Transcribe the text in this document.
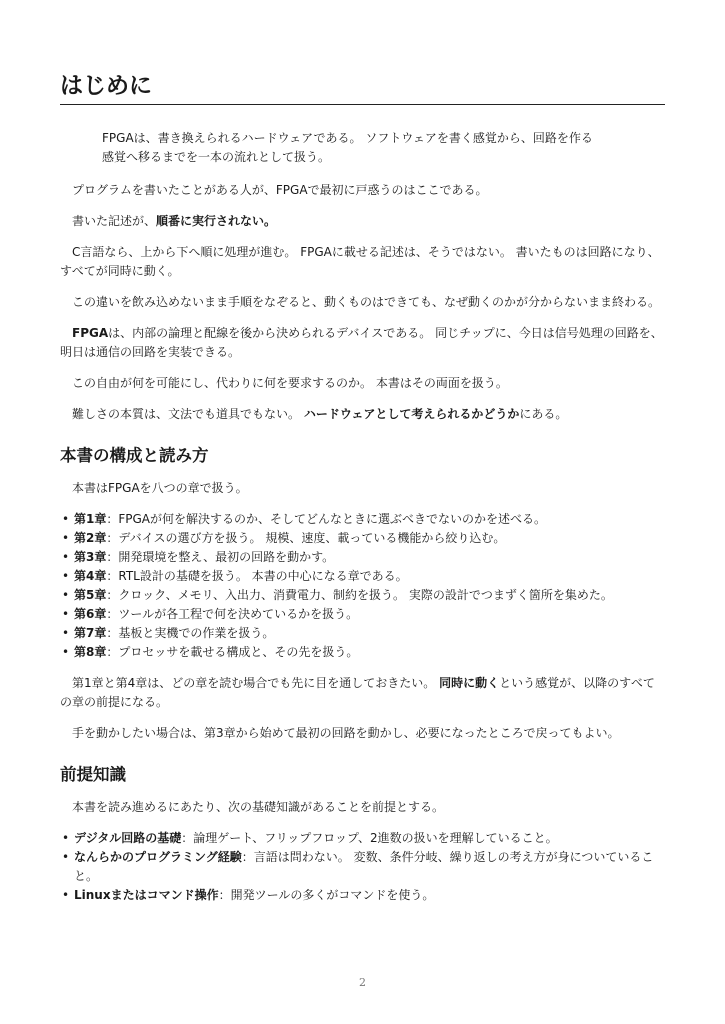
はじめに

FPGAは、書き換えられるハードウェアである。 ソフトウェアを書く感覚から、回路を作る
感覚へ移るまでを一本の流れとして扱う。

プログラムを書いたことがある人が、FPGAで最初に戸惑うのはここである。

書いた記述が、順番に実行されない。

C言語なら、上から下へ順に処理が進む。 FPGAに載せる記述は、そうではない。 書いたものは回路になり、すべてが同時に動く。

この違いを飲み込めないまま手順をなぞると、動くものはできても、なぜ動くのかが分からないまま終わる。

FPGAは、内部の論理と配線を後から決められるデバイスである。 同じチップに、今日は信号処理の回路を、明日は通信の回路を実装できる。

この自由が何を可能にし、代わりに何を要求するのか。 本書はその両面を扱う。

難しさの本質は、文法でも道具でもない。 ハードウェアとして考えられるかどうかにある。

本書の構成と読み方

本書はFPGAを八つの章で扱う。

• 第1章：FPGAが何を解決するのか、そしてどんなときに選ぶべきでないのかを述べる。
• 第2章：デバイスの選び方を扱う。 規模、速度、載っている機能から絞り込む。
• 第3章：開発環境を整え、最初の回路を動かす。
• 第4章：RTL設計の基礎を扱う。 本書の中心になる章である。
• 第5章：クロック、メモリ、入出力、消費電力、制約を扱う。 実際の設計でつまずく箇所を集めた。
• 第6章：ツールが各工程で何を決めているかを扱う。
• 第7章：基板と実機での作業を扱う。
• 第8章：プロセッサを載せる構成と、その先を扱う。

第1章と第4章は、どの章を読む場合でも先に目を通しておきたい。 同時に動くという感覚が、以降のすべての章の前提になる。

手を動かしたい場合は、第3章から始めて最初の回路を動かし、必要になったところで戻ってもよい。

前提知識

本書を読み進めるにあたり、次の基礎知識があることを前提とする。

• デジタル回路の基礎：論理ゲート、フリップフロップ、2進数の扱いを理解していること。
• なんらかのプログラミング経験：言語は問わない。 変数、条件分岐、繰り返しの考え方が身についていること。
• Linuxまたはコマンド操作：開発ツールの多くがコマンドを使う。
2
